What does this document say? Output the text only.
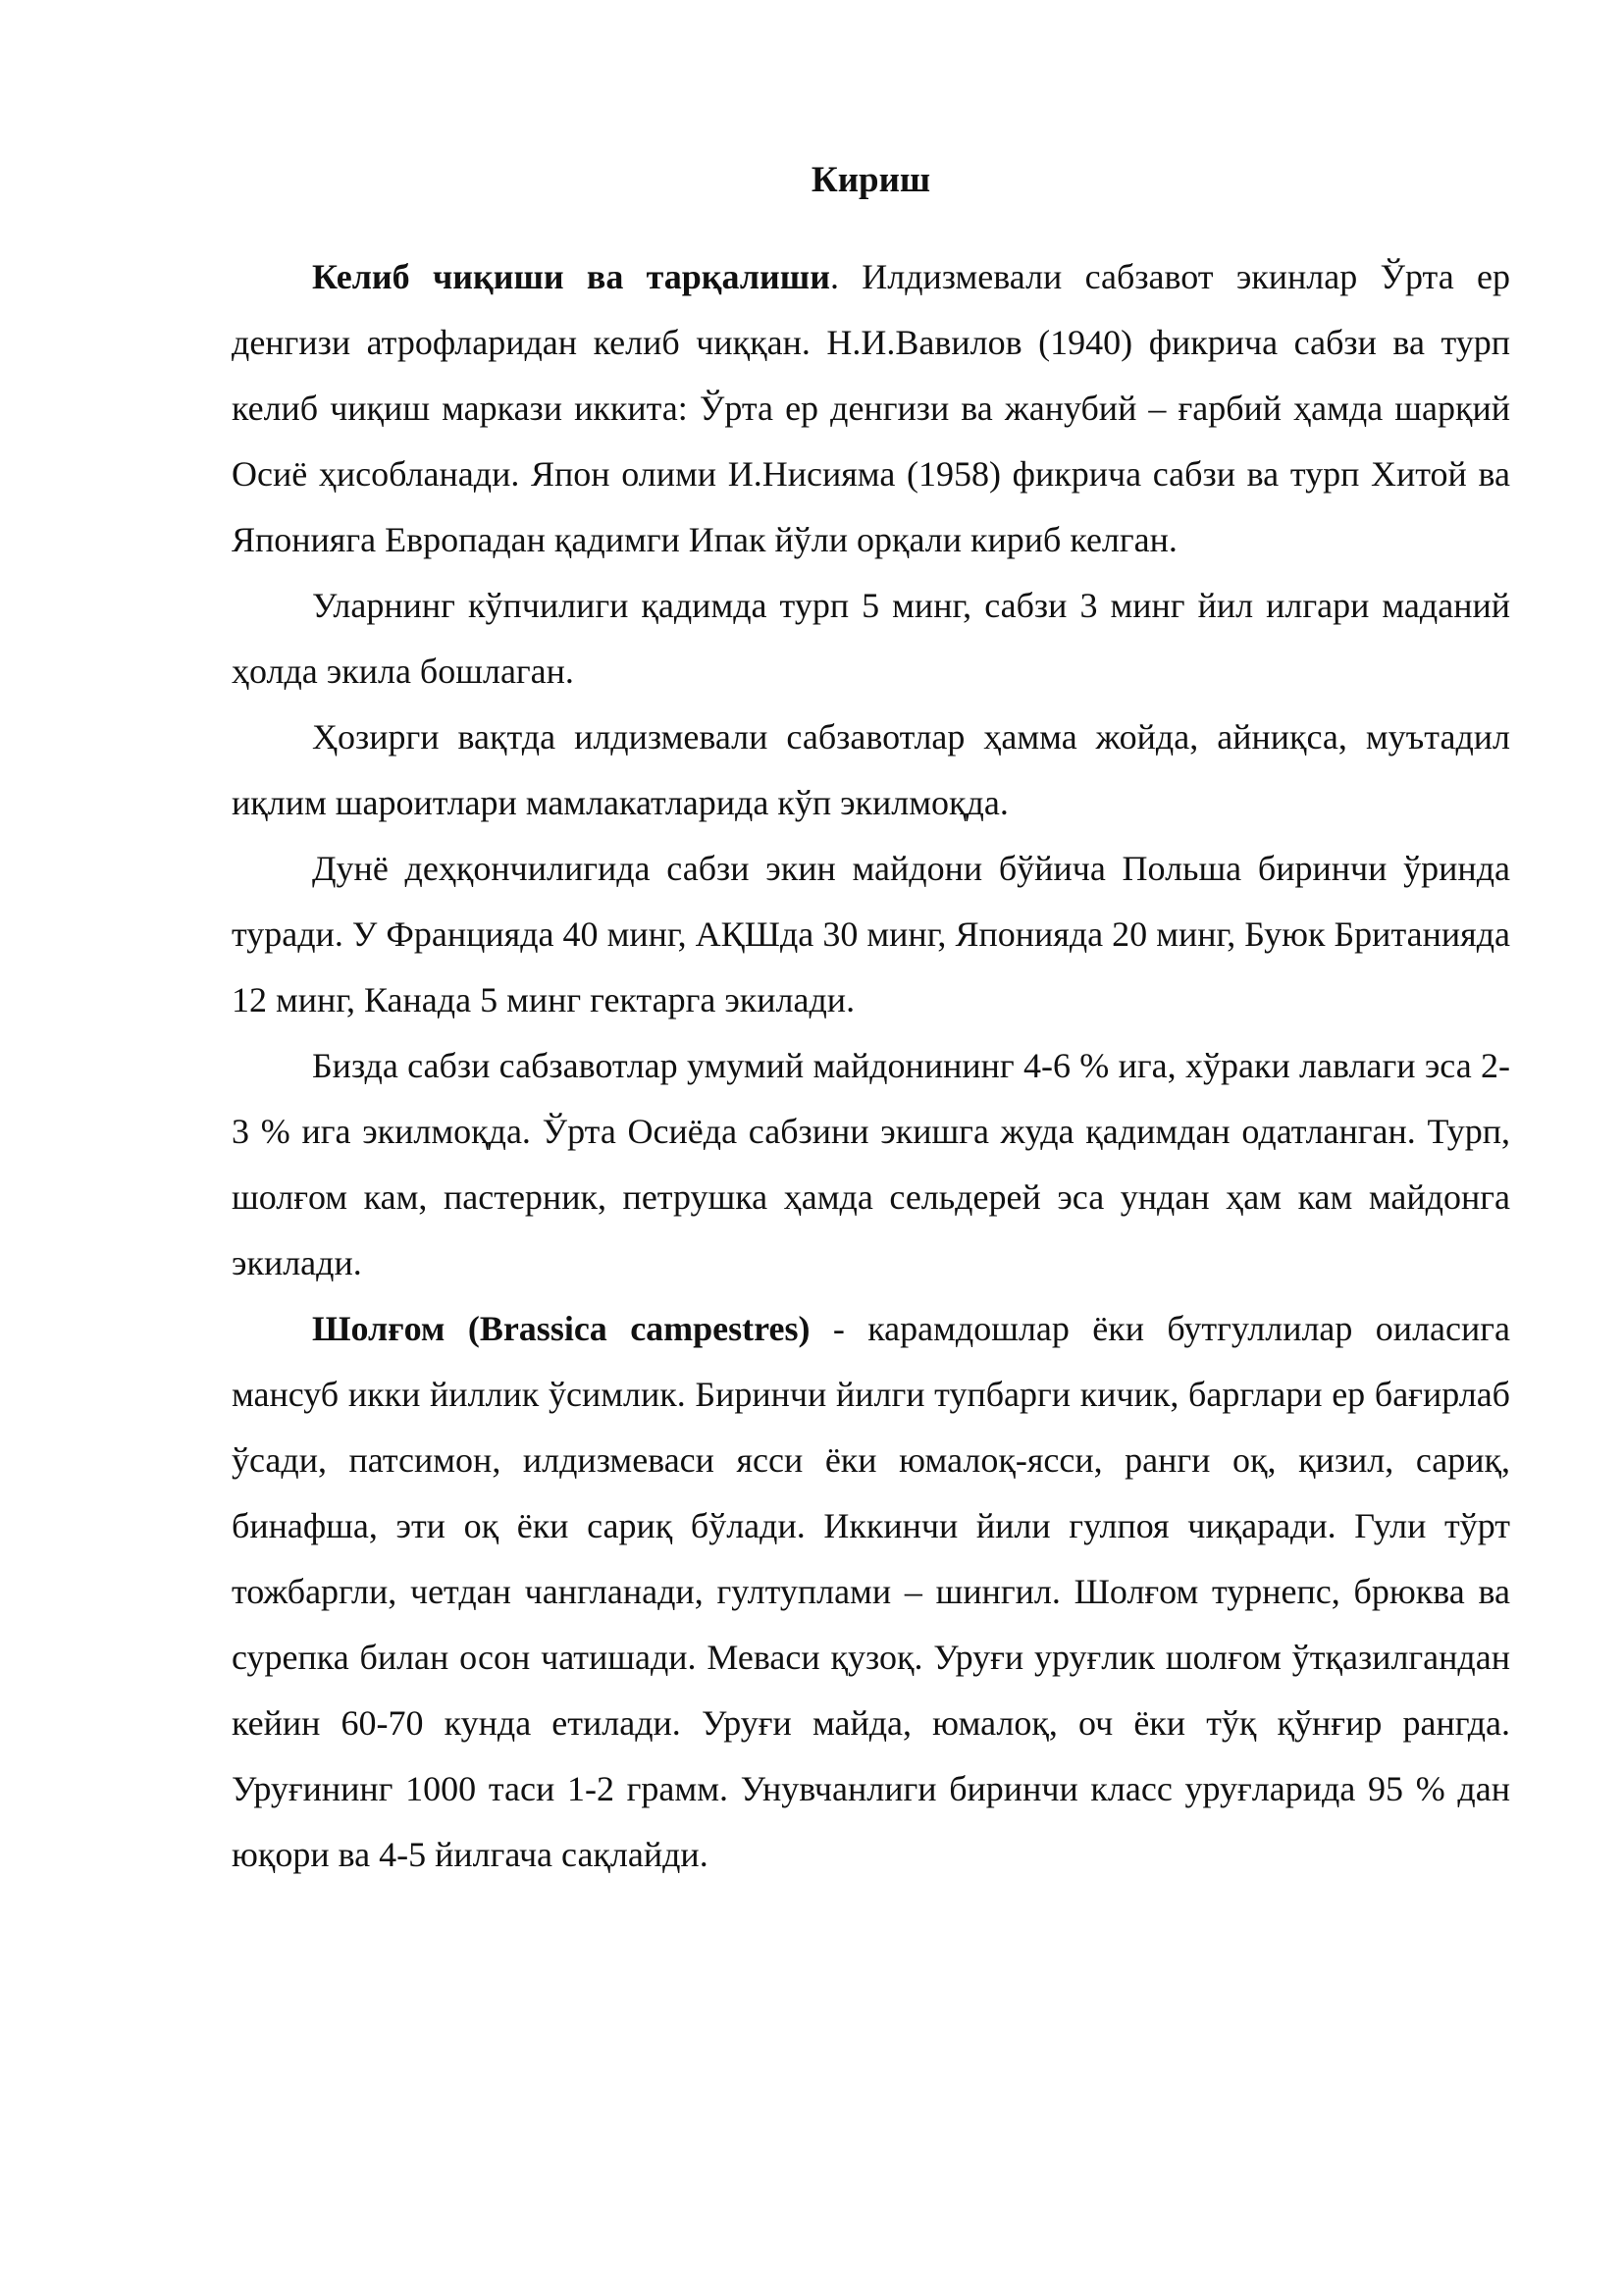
Кириш

Келиб чиқиши ва тарқалиши. Илдизмевали сабзавот экинлар Ўрта ер денгизи атрофларидан келиб чиққан. Н.И.Вавилов (1940) фикрича сабзи ва турп келиб чиқиш маркази иккита: Ўрта ер денгизи ва жанубий – ғарбий ҳамда шарқий Осиё ҳисобланади. Япон олими И.Нисияма (1958) фикрича сабзи ва турп Хитой ва Японияга Европадан қадимги Ипак йўли орқали кириб келган.

Уларнинг кўпчилиги қадимда турп 5 минг, сабзи 3 минг йил илгари маданий ҳолда экила бошлаган.

Ҳозирги вақтда илдизмевали сабзавотлар ҳамма жойда, айниқса, муътадил иқлим шароитлари мамлакатларида кўп экилмоқда.

Дунё деҳқончилигида сабзи экин майдони бўйича Польша биринчи ўринда туради. У Францияда 40 минг, АҚШда 30 минг, Японияда 20 минг, Буюк Британияда 12 минг, Канада 5 минг гектарга экилади.

Бизда сабзи сабзавотлар умумий майдонининг 4-6 % ига, хўраки лавлаги эса 2-3 % ига экилмоқда. Ўрта Осиёда сабзини экишга жуда қадимдан одатланган. Турп, шолғом кам, пастерник, петрушка ҳамда сельдерей эса ундан ҳам кам майдонга экилади.

Шолғом (Brassica campestres) - карамдошлар ёки бутгуллилар оиласига мансуб икки йиллик ўсимлик. Биринчи йилги тупбарги кичик, барглари ер бағирлаб ўсади, патсимон, илдизмеваси ясси ёки юмалоқ-ясси, ранги оқ, қизил, сариқ, бинафша, эти оқ ёки сариқ бўлади. Иккинчи йили гулпоя чиқаради. Гули тўрт тожбаргли, четдан чангланади, гултуплами – шингил. Шолғом турнепс, брюква ва сурепка билан осон чатишади. Меваси қузоқ. Уруғи уруғлик шолғом ўтқазилгандан кейин 60-70 кунда етилади. Уруғи майда, юмалоқ, оч ёки тўқ қўнғир рангда. Уруғининг 1000 таси 1-2 грамм. Унувчанлиги биринчи класс уруғларида 95 % дан юқори ва 4-5 йилгача сақлайди.
